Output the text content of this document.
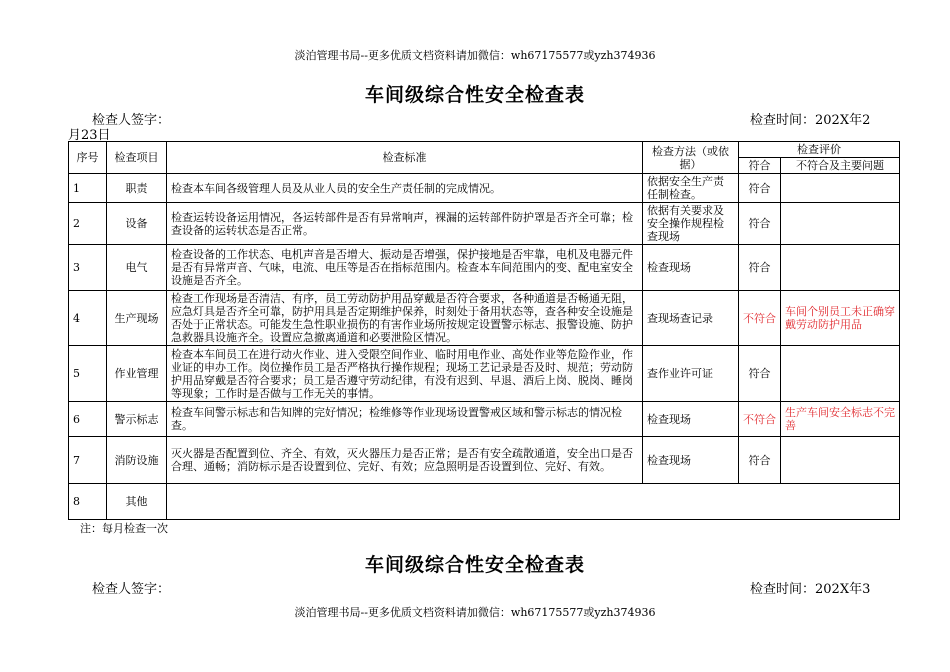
淡泊管理书局--更多优质文档资料请加微信：wh67175577或yzh374936
车间级综合性安全检查表
检查人签字：	检查时间：202X年2
月23日
序号	检查项目	检查标准	检查方法（或依据）	检查评价	
				符合	不符合及主要问题
1	职责	检查本车间各级管理人员及从业人员的安全生产责任制的完成情况。	依据安全生产责任制检查。	符合	
2	设备	检查运转设备运用情况，各运转部件是否有异常响声，裸漏的运转部件防护罩是否齐全可靠；检查设备的运转状态是否正常。	依据有关要求及安全操作规程检查现场	符合	
3	电气	检查设备的工作状态、电机声音是否增大、振动是否增强，保护接地是否牢靠，电机及电器元件是否有异常声音、气味，电流、电压等是否在指标范围内。检查本车间范围内的变、配电室安全设施是否齐全。	检查现场	符合	
4	生产现场	检查工作现场是否清洁、有序，员工劳动防护用品穿戴是否符合要求，各种通道是否畅通无阻，应急灯具是否齐全可靠，防护用具是否定期维护保养，时刻处于备用状态等，查各种安全设施是否处于正常状态。可能发生急性职业损伤的有害作业场所按规定设置警示标志、报警设施、防护急救器具设施齐全。设置应急撤离通道和必要泄险区情况。	查现场查记录	不符合	车间个别员工未正确穿戴劳动防护用品
5	作业管理	检查本车间员工在进行动火作业、进入受限空间作业、临时用电作业、高处作业等危险作业，作业证的申办工作。岗位操作员工是否严格执行操作规程；现场工艺记录是否及时、规范；劳动防护用品穿戴是否符合要求；员工是否遵守劳动纪律，有没有迟到、早退、酒后上岗、脱岗、睡岗等现象；工作时是否做与工作无关的事情。	查作业许可证	符合	
6	警示标志	检查车间警示标志和告知牌的完好情况；检维修等作业现场设置警戒区域和警示标志的情况检查。	检查现场	不符合	生产车间安全标志不完善
7	消防设施	灭火器是否配置到位、齐全、有效，灭火器压力是否正常；是否有安全疏散通道，安全出口是否合理、通畅；消防标示是否设置到位、完好、有效；应急照明是否设置到位、完好、有效。	检查现场	符合	
8	其他				
注：每月检查一次
车间级综合性安全检查表
检查人签字：	检查时间：202X年3
淡泊管理书局--更多优质文档资料请加微信：wh67175577或yzh374936
